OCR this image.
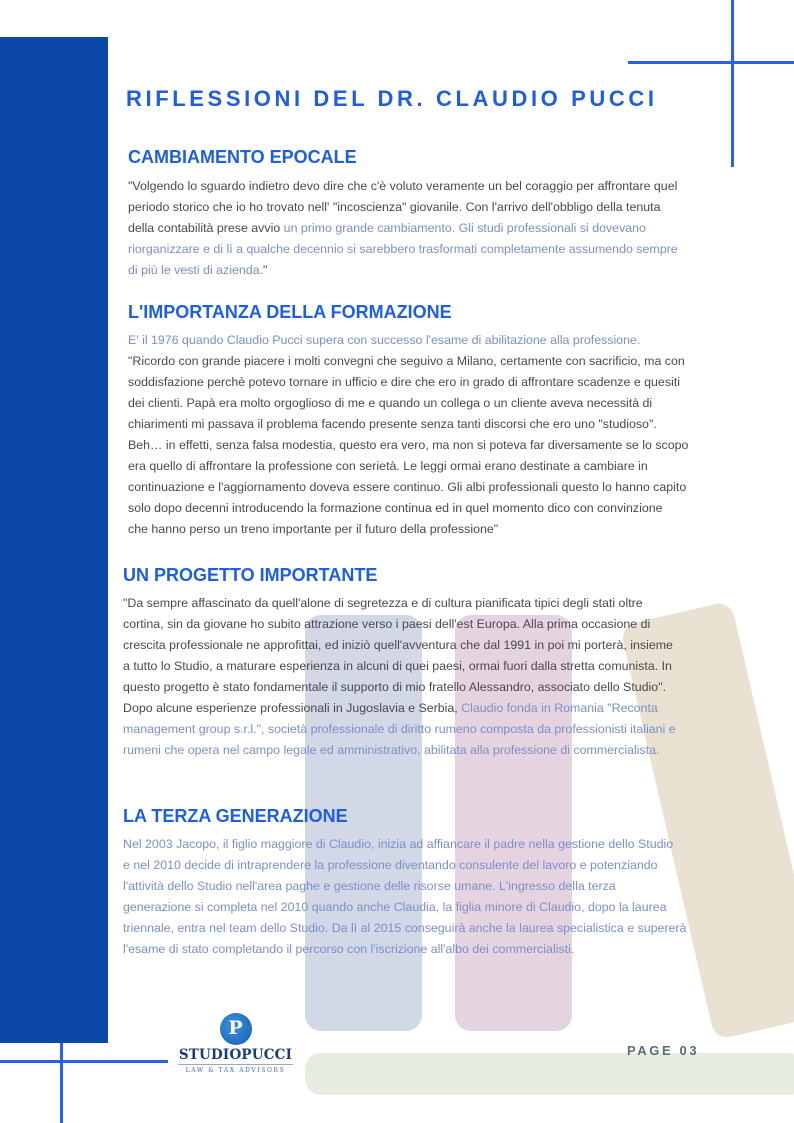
RIFLESSIONI DEL DR. CLAUDIO PUCCI
CAMBIAMENTO EPOCALE
"Volgendo lo sguardo indietro devo dire che c'è voluto veramente un bel coraggio per affrontare quel
periodo storico che io ho trovato nell' "incoscienza" giovanile. Con l'arrivo dell'obbligo della tenuta
della contabilità prese avvio un primo grande cambiamento. Gli studi professionali si dovevano
riorganizzare e di lì a qualche decennio si sarebbero trasformati completamente assumendo sempre
di più le vesti di azienda."
L'IMPORTANZA DELLA FORMAZIONE
E' il 1976 quando Claudio Pucci supera con successo l'esame di abilitazione alla professione.
"Ricordo con grande piacere i molti convegni che seguivo a Milano, certamente con sacrificio, ma con
soddisfazione perchè potevo tornare in ufficio e dire che ero in grado di affrontare scadenze e quesiti
dei clienti. Papà era molto orgoglioso di me e quando un collega o un cliente aveva necessità di
chiarimenti mi passava il problema facendo presente senza tanti discorsi che ero uno "studioso".
Beh… in effetti, senza falsa modestia, questo era vero, ma non si poteva far diversamente se lo scopo
era quello di affrontare la professione con serietà. Le leggi ormai erano destinate a cambiare in
continuazione e l'aggiornamento doveva essere continuo. Gli albi professionali questo lo hanno capito
solo dopo decenni introducendo la formazione continua ed in quel momento dico con convinzione
che hanno perso un treno importante per il futuro della professione"
UN PROGETTO IMPORTANTE
"Da sempre affascinato da quell'alone di segretezza e di cultura pianificata tipici degli stati oltre
cortina, sin da giovane ho subito attrazione verso i paesi dell'est Europa. Alla prima occasione di
crescita professionale ne approfittai, ed iniziò quell'avventura che dal 1991 in poi mi porterà, insieme
a tutto lo Studio, a maturare esperienza in alcuni di quei paesi, ormai fuori dalla stretta comunista. In
questo progetto è stato fondamentale il supporto di mio fratello Alessandro, associato dello Studio".
Dopo alcune esperienze professionali in Jugoslavia e Serbia, Claudio fonda in Romania "Reconta
management group s.r.l.", società professionale di diritto rumeno composta da professionisti italiani e
rumeni che opera nel campo legale ed amministrativo, abilitata alla professione di commercialista.
LA TERZA GENERAZIONE
Nel 2003 Jacopo, il figlio maggiore di Claudio, inizia ad affiancare il padre nella gestione dello Studio
e nel 2010 decide di intraprendere la professione diventando consulente del lavoro e potenziando
l'attività dello Studio nell'area paghe e gestione delle risorse umane. L'ingresso della terza
generazione si completa nel 2010 quando anche Claudia, la figlia minore di Claudio, dopo la laurea
triennale, entra nel team dello Studio. Da lì al 2015 conseguirà anche la laurea specialistica e supererà
l'esame di stato completando il percorso con l'iscrizione all'albo dei commercialisti.
P
STUDIOPUCCI
LAW & TAX ADVISORS
PAGE 03
